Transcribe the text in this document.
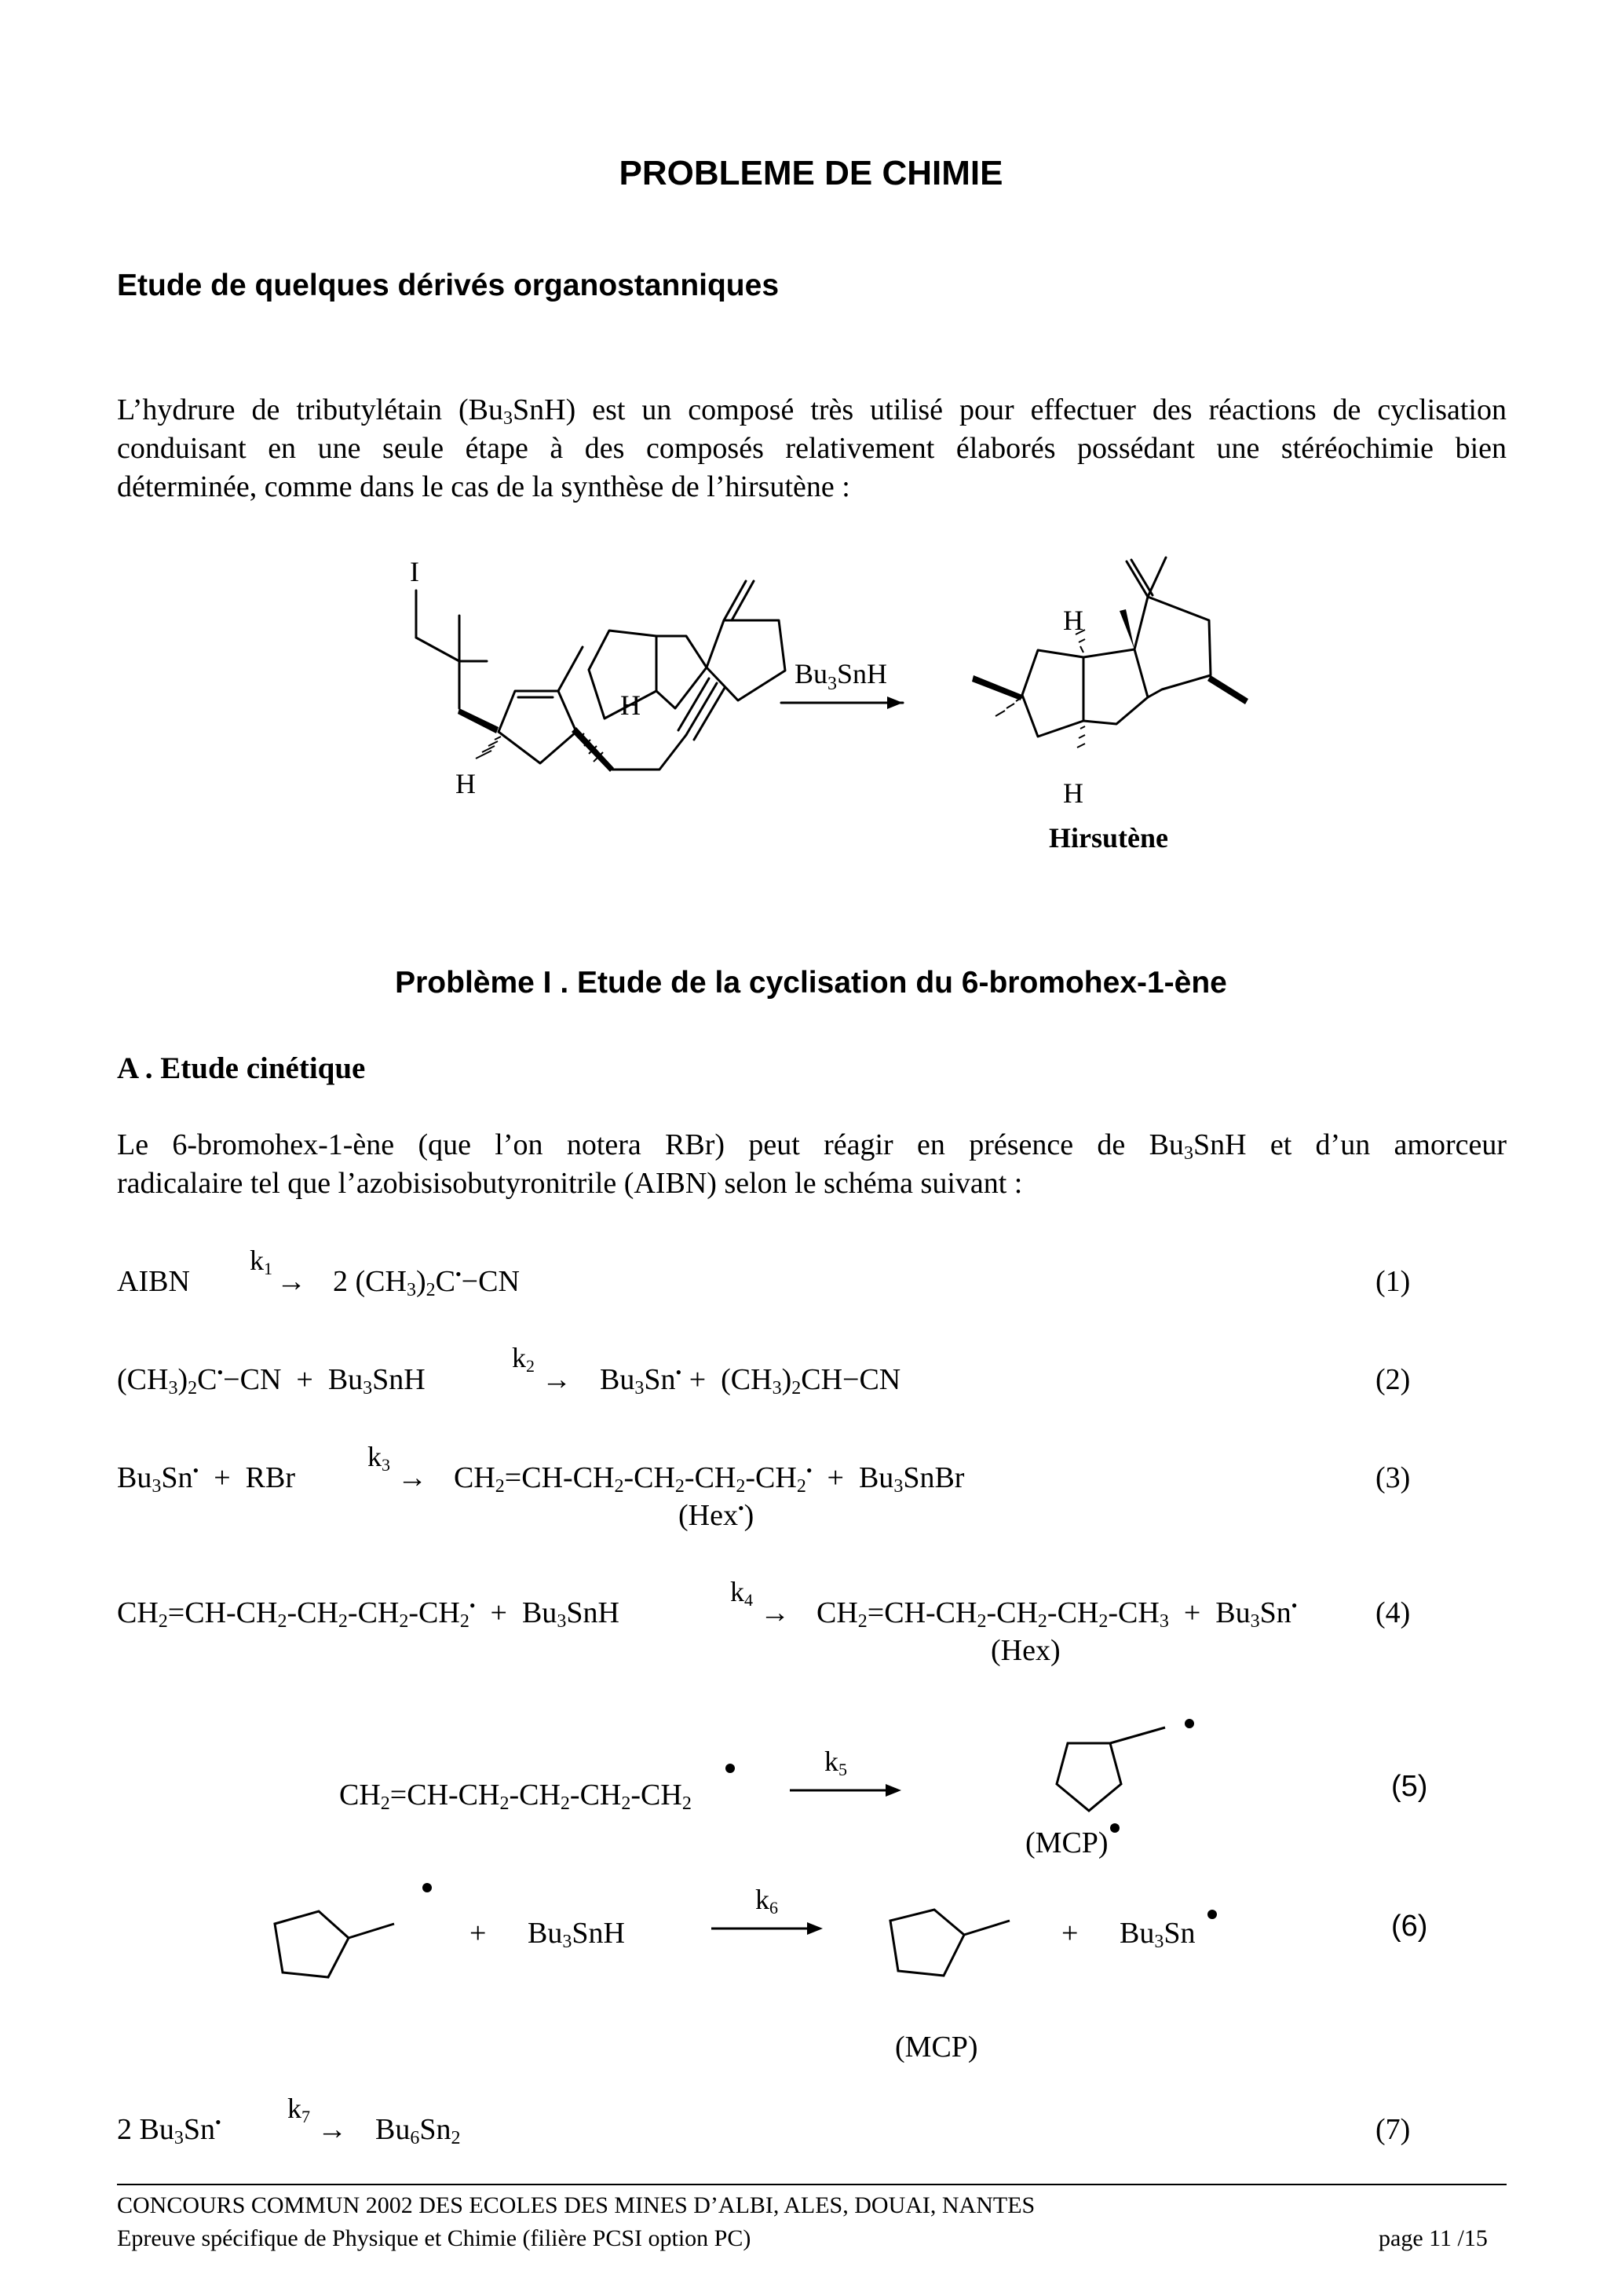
PROBLEME DE CHIMIE
Etude de quelques dérivés organostanniques
L’hydrure de tributylétain $(Bu_3SnH)$ est un composé très utilisé pour effectuer des réactions de cyclisation
conduisant en une seule étape à des composés relativement élaborés possédant une stéréochimie bien
déterminée, comme dans le cas de la synthèse de l’hirsutène :
I
H
H
$Bu_3SnH$
H
H
Hirsutène
Problème I . Etude de la cyclisation du 6-bromohex-1-ène
A . Etude cinétique
Le 6-bromohex-1-ène (que l’on notera RBr) peut réagir en présence de $Bu_3SnH$ et d’un amorceur
radicalaire tel que l’azobisisobutyronitrile (AIBN) selon le schéma suivant :
AIBN
$k_1 \to 2$ $(CH_3)_2C^•-CN$	(1)
$(CH_3)_2C^•-CN + Bu_3SnH$
$k_2 \to Bu_3Sn^• + (CH_3)_2CH-CN$	(2)
$Bu_3Sn^•$  +  RBr
$k_3 \to CH_2=CH-CH_2-CH_2-CH_2-CH_2^•$  +  $Bu_3SnBr$
(Hex•)
(3)
$CH_2=CH-CH_2-CH_2-CH_2-CH_2^• + Bu_3SnH$
$k_4 \to CH_2=CH-CH_2-CH_2-CH_2-CH_3 + Bu_3Sn^•$
(Hex)
(4)
$CH_2=CH-CH_2-CH_2-CH_2-CH_2$
$k_5$
(MCP)
(5)
+ $Bu_3SnH$
$k_6$
+ $Bu_3Sn$
(MCP)
(6)
2 $Bu_3Sn^•$ $k_7 \to Bu_6Sn_2$	(7)
CONCOURS COMMUN 2002 DES ECOLES DES MINES D’ALBI, ALES, DOUAI, NANTES
Epreuve spécifique de Physique et Chimie (filière PCSI option PC)	page 11 /15
